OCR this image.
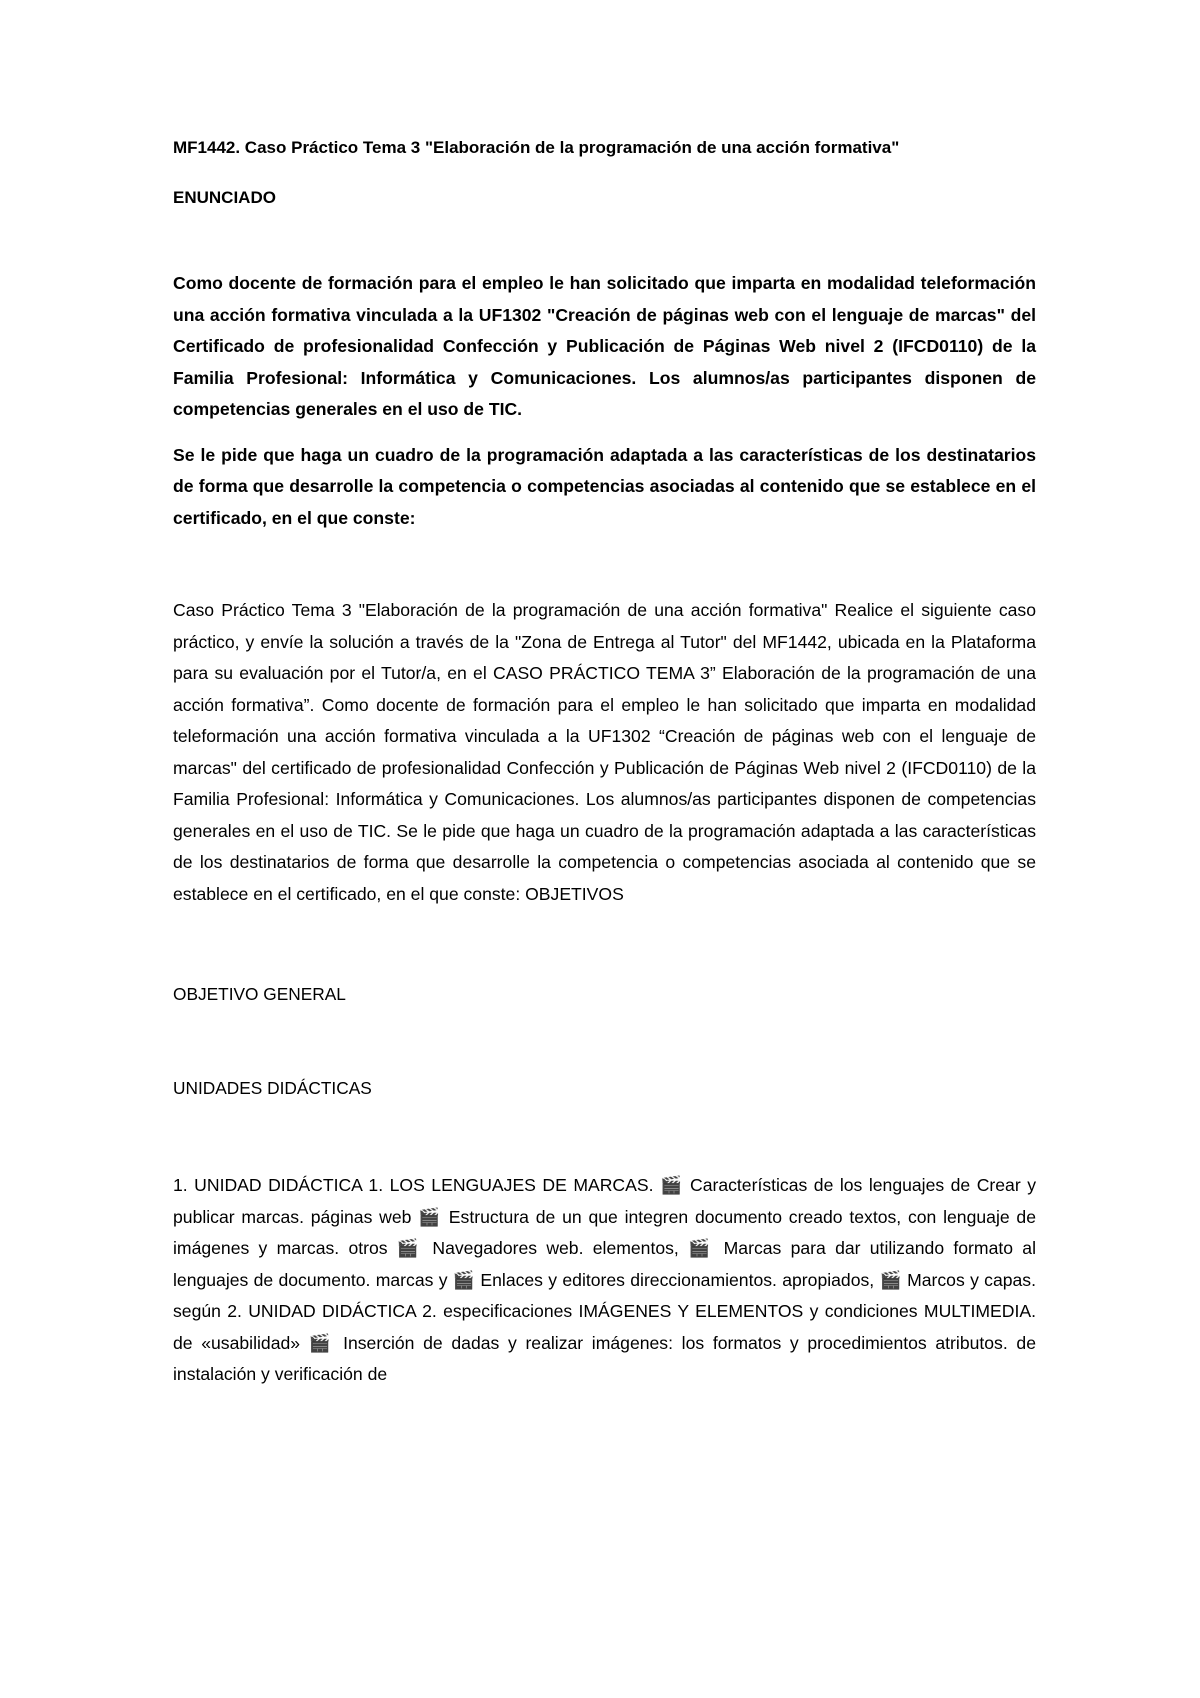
MF1442. Caso Práctico Tema 3 "Elaboración de la programación de una acción formativa"

ENUNCIADO

Como docente de formación para el empleo le han solicitado que imparta en modalidad teleformación una acción formativa vinculada a la UF1302 "Creación de páginas web con el lenguaje de marcas" del Certificado de profesionalidad Confección y Publicación de Páginas Web nivel 2 (IFCD0110) de la Familia Profesional: Informática y Comunicaciones. Los alumnos/as participantes disponen de competencias generales en el uso de TIC.

Se le pide que haga un cuadro de la programación adaptada a las características de los destinatarios de forma que desarrolle la competencia o competencias asociadas al contenido que se establece en el certificado, en el que conste:

Caso Práctico Tema 3 "Elaboración de la programación de una acción formativa" Realice el siguiente caso práctico, y envíe la solución a través de la "Zona de Entrega al Tutor" del MF1442, ubicada en la Plataforma para su evaluación por el Tutor/a, en el CASO PRÁCTICO TEMA 3” Elaboración de la programación de una acción formativa”. Como docente de formación para el empleo le han solicitado que imparta en modalidad teleformación una acción formativa vinculada a la UF1302 “Creación de páginas web con el lenguaje de marcas" del certificado de profesionalidad Confección y Publicación de Páginas Web nivel 2 (IFCD0110) de la Familia Profesional: Informática y Comunicaciones. Los alumnos/as participantes disponen de competencias generales en el uso de TIC. Se le pide que haga un cuadro de la programación adaptada a las características de los destinatarios de forma que desarrolle la competencia o competencias asociada al contenido que se establece en el certificado, en el que conste: OBJETIVOS

OBJETIVO GENERAL

UNIDADES DIDÁCTICAS

1. UNIDAD DIDÁCTICA 1. LOS LENGUAJES DE MARCAS. 🎬 Características de los lenguajes de Crear y publicar marcas. páginas web 🎬 Estructura de un que integren documento creado textos, con lenguaje de imágenes y marcas. otros 🎬 Navegadores web. elementos, 🎬 Marcas para dar utilizando formato al lenguajes de documento. marcas y 🎬 Enlaces y editores direccionamientos. apropiados, 🎬 Marcos y capas. según 2. UNIDAD DIDÁCTICA 2. especificaciones IMÁGENES Y ELEMENTOS y condiciones MULTIMEDIA. de «usabilidad» 🎬 Inserción de dadas y realizar imágenes: los formatos y procedimientos atributos. de instalación y verificación de
